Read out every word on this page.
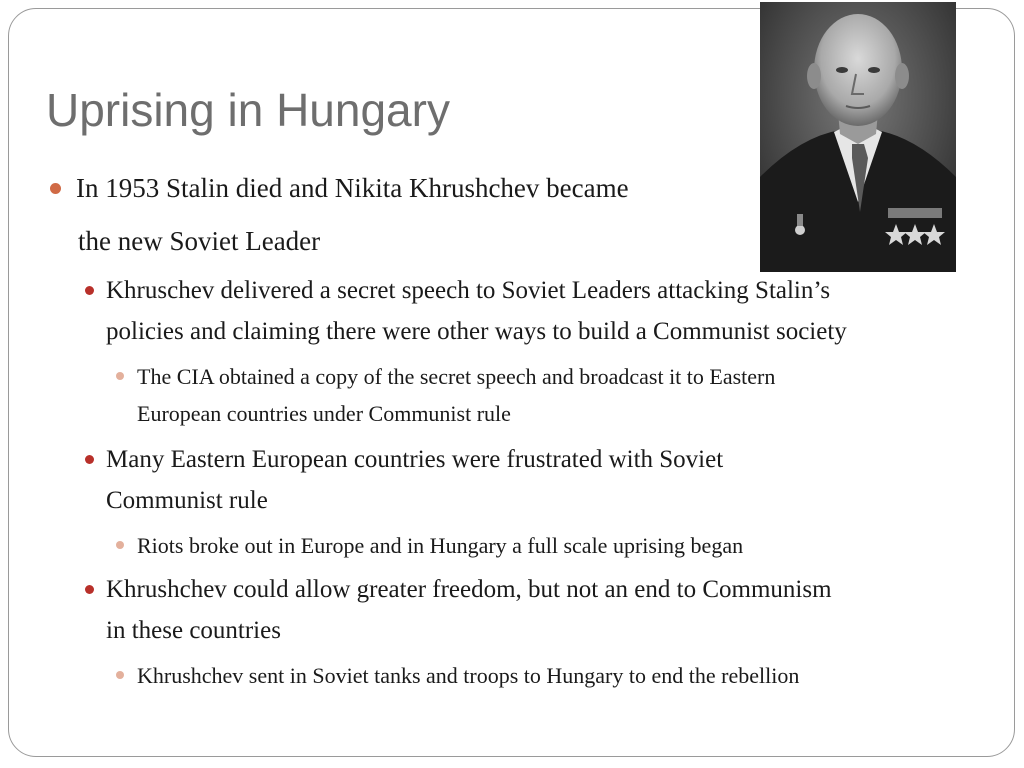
Uprising in Hungary

In 1953 Stalin died and Nikita Khrushchev became

the new Soviet Leader

Khruschev delivered a secret speech to Soviet Leaders attacking Stalin’s

policies and claiming there were other ways to build a Communist society

The CIA obtained a copy of the secret speech and broadcast it to Eastern

European countries under Communist rule

Many Eastern European countries were frustrated with Soviet

Communist rule

Riots broke out in Europe and in Hungary a full scale uprising began

Khrushchev could allow greater freedom, but not an end to Communism

in these countries

Khrushchev sent in Soviet tanks and troops to Hungary to end the rebellion
